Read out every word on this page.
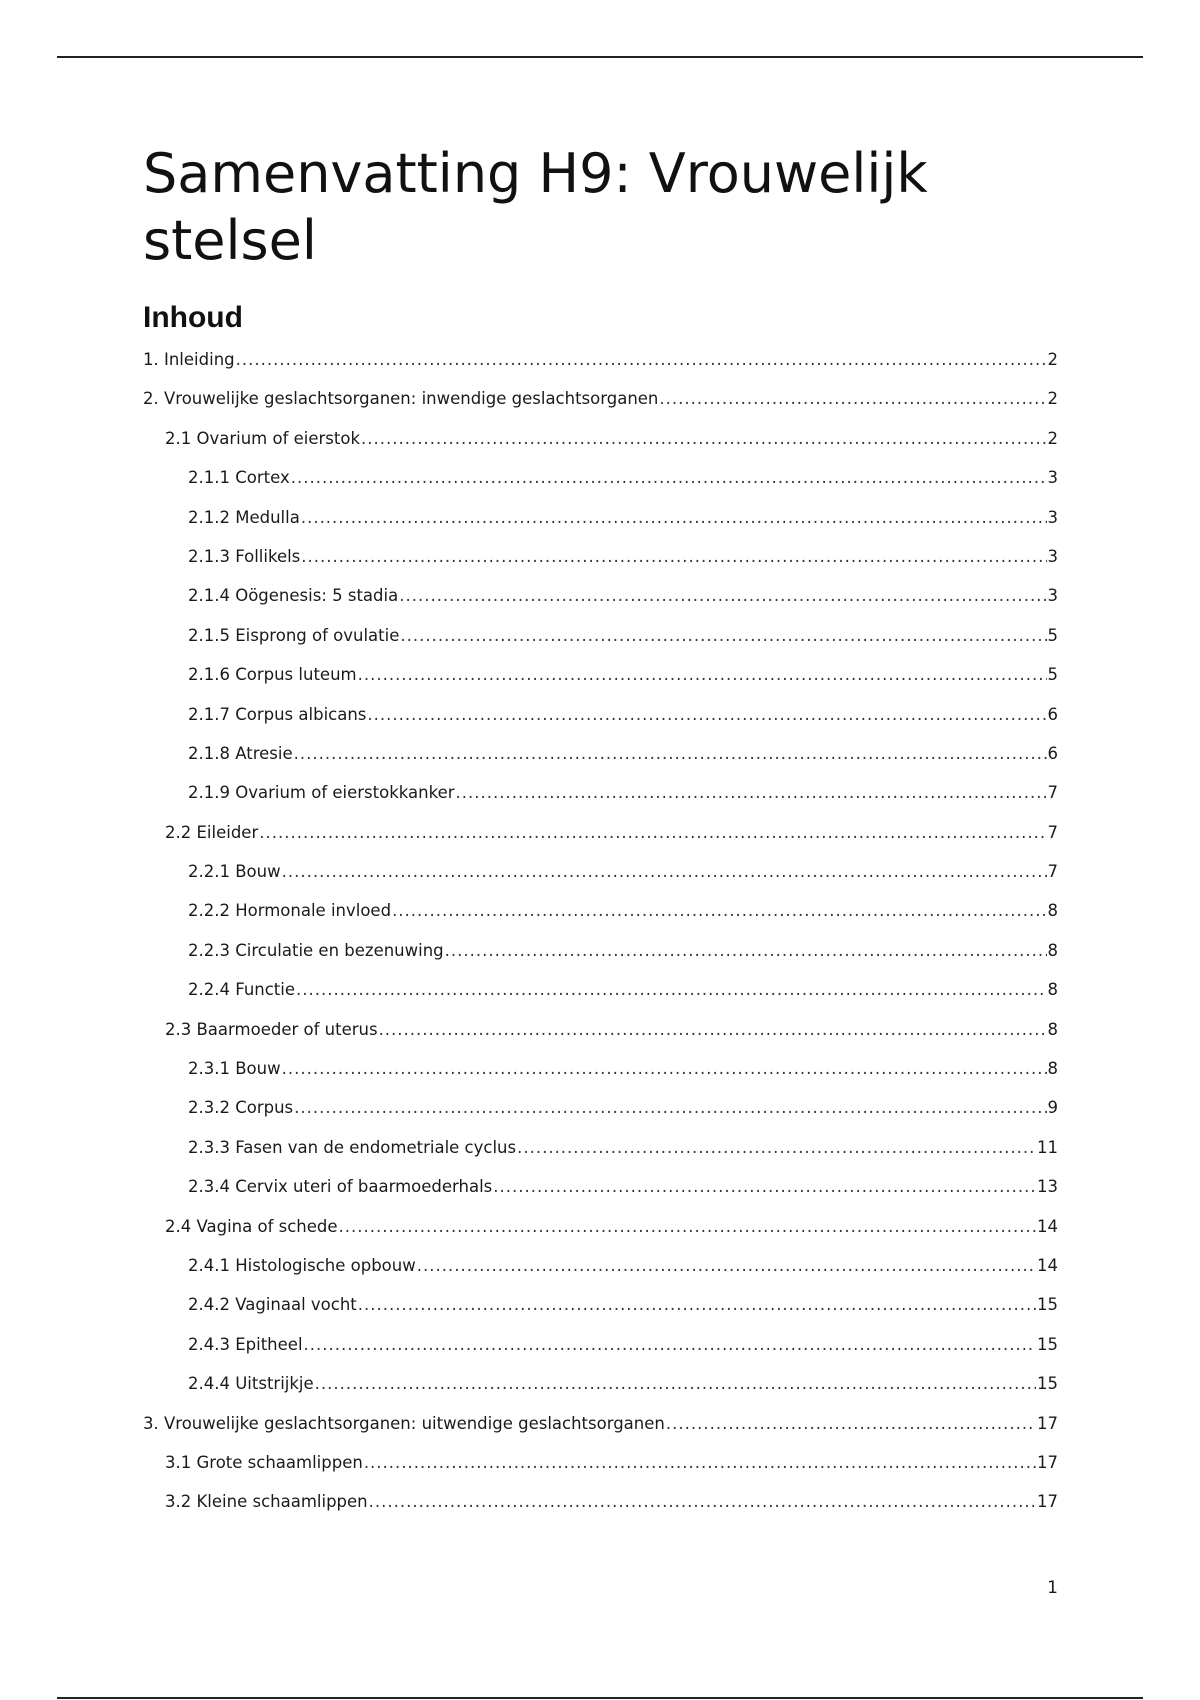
Samenvatting H9: Vrouwelijk stelsel
Inhoud
1. Inleiding .....	2
2. Vrouwelijke geslachtsorganen: inwendige geslachtsorganen .....	2
2.1 Ovarium of eierstok .....	2
2.1.1 Cortex .....	3
2.1.2 Medulla .....	3
2.1.3 Follikels .....	3
2.1.4 Oögenesis: 5 stadia .....	3
2.1.5 Eisprong of ovulatie .....	5
2.1.6 Corpus luteum .....	5
2.1.7 Corpus albicans .....	6
2.1.8 Atresie .....	6
2.1.9 Ovarium of eierstokkanker .....	7
2.2 Eileider .....	7
2.2.1 Bouw .....	7
2.2.2 Hormonale invloed .....	8
2.2.3 Circulatie en bezenuwing .....	8
2.2.4 Functie .....	8
2.3 Baarmoeder of uterus .....	8
2.3.1 Bouw .....	8
2.3.2 Corpus .....	9
2.3.3 Fasen van de endometriale cyclus .....	11
2.3.4 Cervix uteri of baarmoederhals .....	13
2.4 Vagina of schede .....	14
2.4.1 Histologische opbouw .....	14
2.4.2 Vaginaal vocht .....	15
2.4.3 Epitheel .....	15
2.4.4 Uitstrijkje .....	15
3. Vrouwelijke geslachtsorganen: uitwendige geslachtsorganen .....	17
3.1 Grote schaamlippen .....	17
3.2 Kleine schaamlippen .....	17
1
